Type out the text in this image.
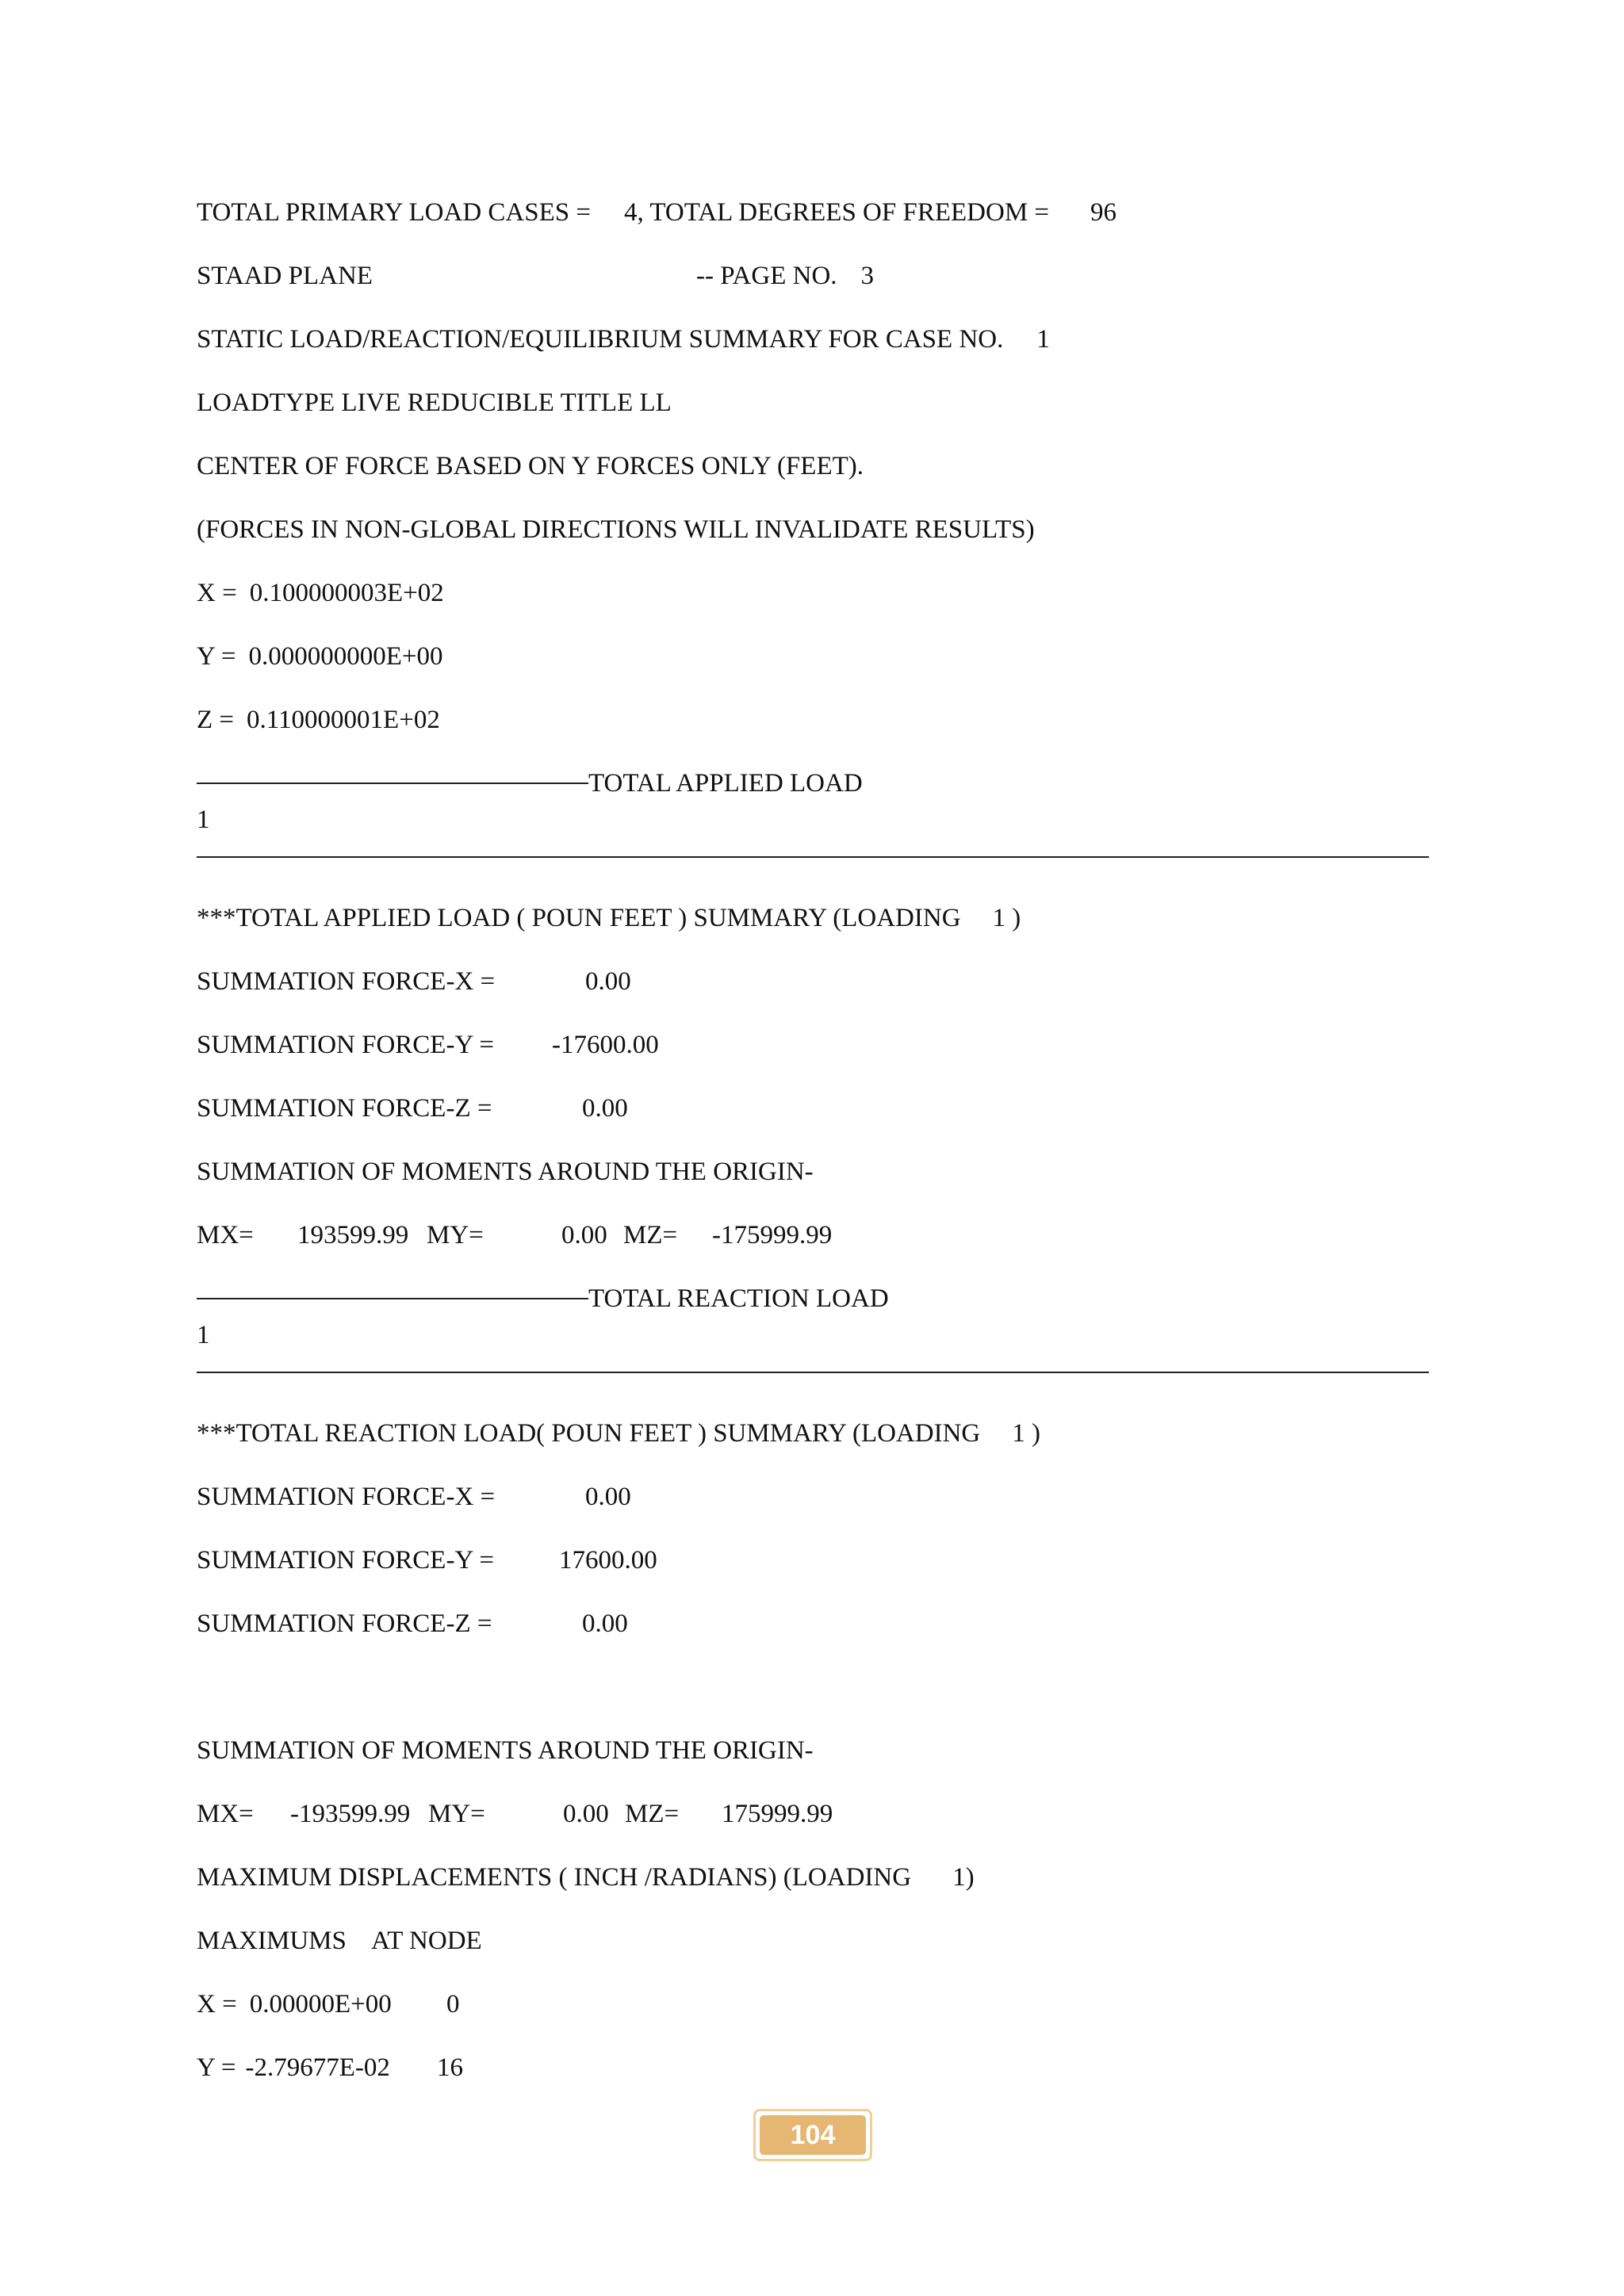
TOTAL PRIMARY LOAD CASES = 4, TOTAL DEGREES OF FREEDOM = 96
STAAD PLANE	-- PAGE NO. 3
STATIC LOAD/REACTION/EQUILIBRIUM SUMMARY FOR CASE NO. 1
LOADTYPE LIVE REDUCIBLE TITLE LL
CENTER OF FORCE BASED ON Y FORCES ONLY (FEET).
(FORCES IN NON-GLOBAL DIRECTIONS WILL INVALIDATE RESULTS)
X = 0.100000003E+02
Y = 0.000000000E+00
Z = 0.110000001E+02
TOTAL APPLIED LOAD
1
***TOTAL APPLIED LOAD ( POUN FEET ) SUMMARY (LOADING 1 )
SUMMATION FORCE-X =	0.00
SUMMATION FORCE-Y = -17600.00
SUMMATION FORCE-Z =	0.00
SUMMATION OF MOMENTS AROUND THE ORIGIN-
MX= 193599.99 MY=	0.00 MZ= -175999.99
TOTAL REACTION LOAD
1
***TOTAL REACTION LOAD( POUN FEET ) SUMMARY (LOADING 1 )
SUMMATION FORCE-X =	0.00
SUMMATION FORCE-Y = 17600.00
SUMMATION FORCE-Z =	0.00
SUMMATION OF MOMENTS AROUND THE ORIGIN-
MX= -193599.99 MY=	0.00 MZ= 175999.99
MAXIMUM DISPLACEMENTS ( INCH /RADIANS) (LOADING 1)
MAXIMUMS    AT NODE
X = 0.00000E+00 0
Y = -2.79677E-02 16
104
